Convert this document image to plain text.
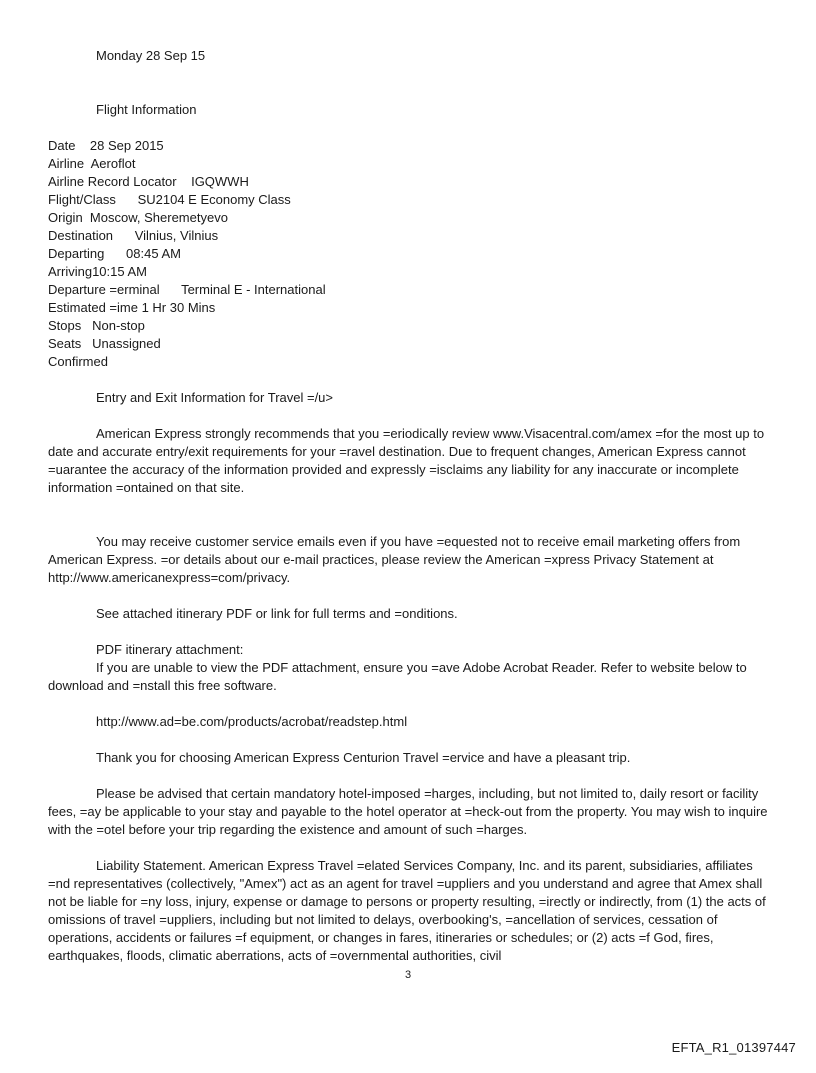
Monday 28 Sep 15

Flight Information

Date 28 Sep 2015

Airline Aeroflot

Airline Record Locator IGQWWH

Flight/Class SU2104 E Economy Class

Origin Moscow, Sheremetyevo

Destination Vilnius, Vilnius

Departing 08:45 AM

Arriving10:15 AM

Departure =erminal Terminal E - International

Estimated =ime 1 Hr 30 Mins

Stops Non-stop

Seats Unassigned

Confirmed

Entry and Exit Information for Travel =/u>

American Express strongly recommends that you =eriodically review www.Visacentral.com/amex =for the most up to date and accurate entry/exit requirements for your =ravel destination. Due to frequent changes, American Express cannot =uarantee the accuracy of the information provided and expressly =isclaims any liability for any inaccurate or incomplete information =ontained on that site.

You may receive customer service emails even if you have =equested not to receive email marketing offers from American Express. =or details about our e-mail practices, please review the American =xpress Privacy Statement at http://www.americanexpress=com/privacy.

See attached itinerary PDF or link for full terms and =onditions.

PDF itinerary attachment:

If you are unable to view the PDF attachment, ensure you =ave Adobe Acrobat Reader. Refer to website below to download and =nstall this free software.

http://www.ad=be.com/products/acrobat/readstep.html

Thank you for choosing American Express Centurion Travel =ervice and have a pleasant trip.

Please be advised that certain mandatory hotel-imposed =harges, including, but not limited to, daily resort or facility fees, =ay be applicable to your stay and payable to the hotel operator at =heck-out from the property. You may wish to inquire with the =otel before your trip regarding the existence and amount of such =harges.

Liability Statement. American Express Travel =elated Services Company, Inc. and its parent, subsidiaries, affiliates =nd representatives (collectively, "Amex") act as an agent for travel =uppliers and you understand and agree that Amex shall not be liable for =ny loss, injury, expense or damage to persons or property resulting, =irectly or indirectly, from (1) the acts of omissions of travel =uppliers, including but not limited to delays, overbooking's, =ancellation of services, cessation of operations, accidents or failures =f equipment, or changes in fares, itineraries or schedules; or (2) acts =f God, fires, earthquakes, floods, climatic aberrations, acts of =overnmental authorities, civil

3
EFTA_R1_01397447
